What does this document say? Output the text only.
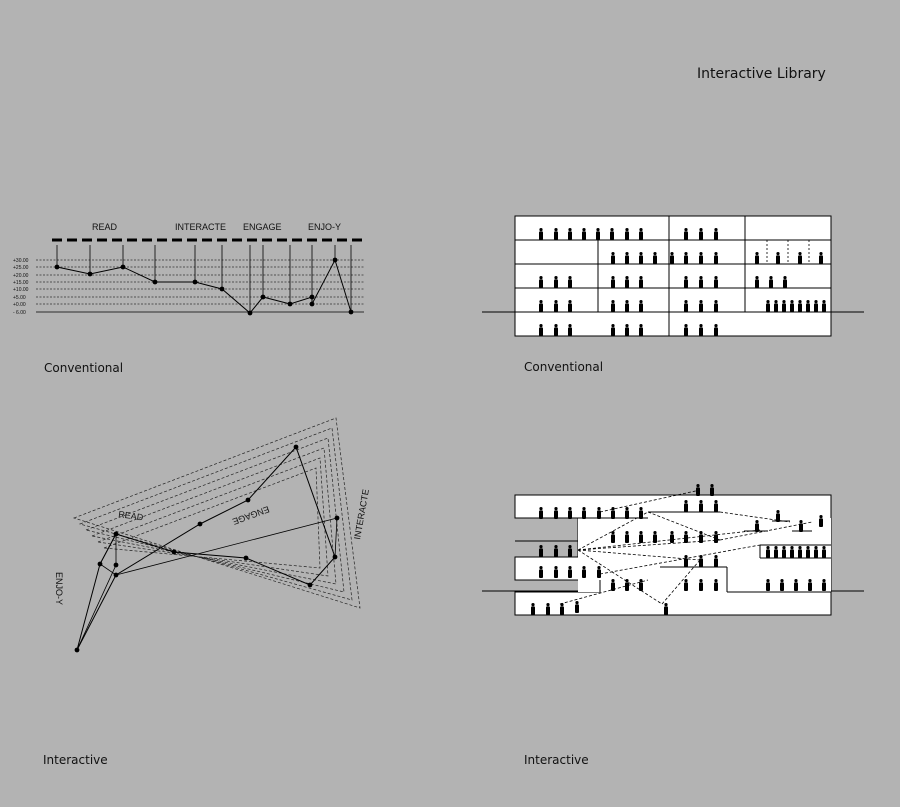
Interactive Library
Conventional	Conventional
Interactive	Interactive
READ	INTERACTE ENGAGE	ENJO-Y
+30.00
+25.00
+20.00
+15.00
+10.00
+5.00
+0.00
- 6.00
READ	ENGAGE	INTERACTE
ENJO-Y
